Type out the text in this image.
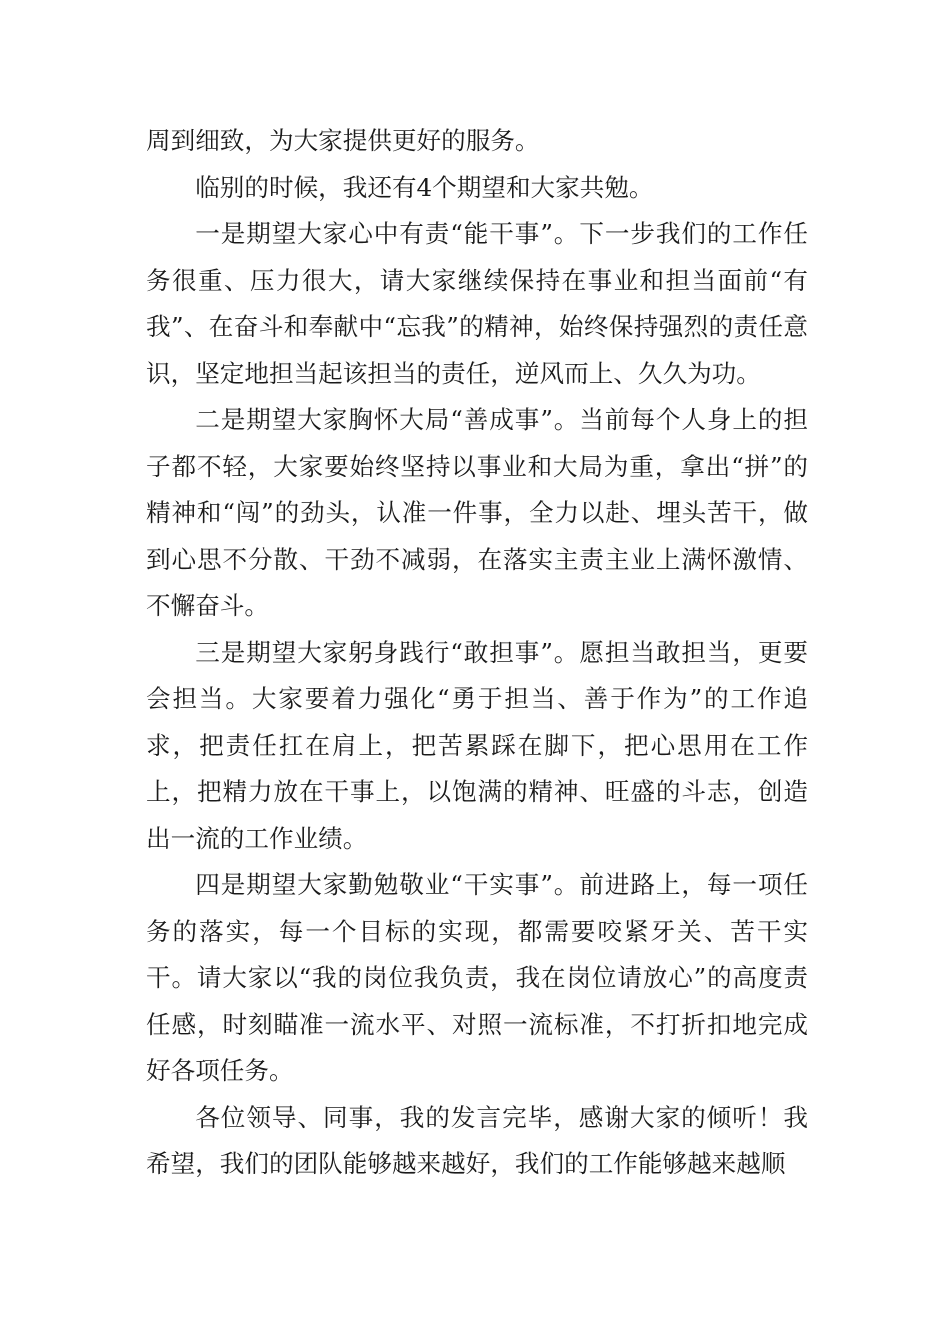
周到细致，为大家提供更好的服务。

临别的时候，我还有4个期望和大家共勉。

一是期望大家心中有责“能干事”。下一步我们的工作任务很重、压力很大，请大家继续保持在事业和担当面前“有我”、在奋斗和奉献中“忘我”的精神，始终保持强烈的责任意识，坚定地担当起该担当的责任，逆风而上、久久为功。

二是期望大家胸怀大局“善成事”。当前每个人身上的担子都不轻，大家要始终坚持以事业和大局为重，拿出“拼”的精神和“闯”的劲头，认准一件事，全力以赴、埋头苦干，做到心思不分散、干劲不减弱，在落实主责主业上满怀激情、不懈奋斗。

三是期望大家躬身践行“敢担事”。愿担当敢担当，更要会担当。大家要着力强化“勇于担当、善于作为”的工作追求，把责任扛在肩上，把苦累踩在脚下，把心思用在工作上，把精力放在干事上，以饱满的精神、旺盛的斗志，创造出一流的工作业绩。

四是期望大家勤勉敬业“干实事”。前进路上，每一项任务的落实，每一个目标的实现，都需要咬紧牙关、苦干实干。请大家以“我的岗位我负责，我在岗位请放心”的高度责任感，时刻瞄准一流水平、对照一流标准，不打折扣地完成好各项任务。

各位领导、同事，我的发言完毕，感谢大家的倾听！我希望，我们的团队能够越来越好，我们的工作能够越来越顺
